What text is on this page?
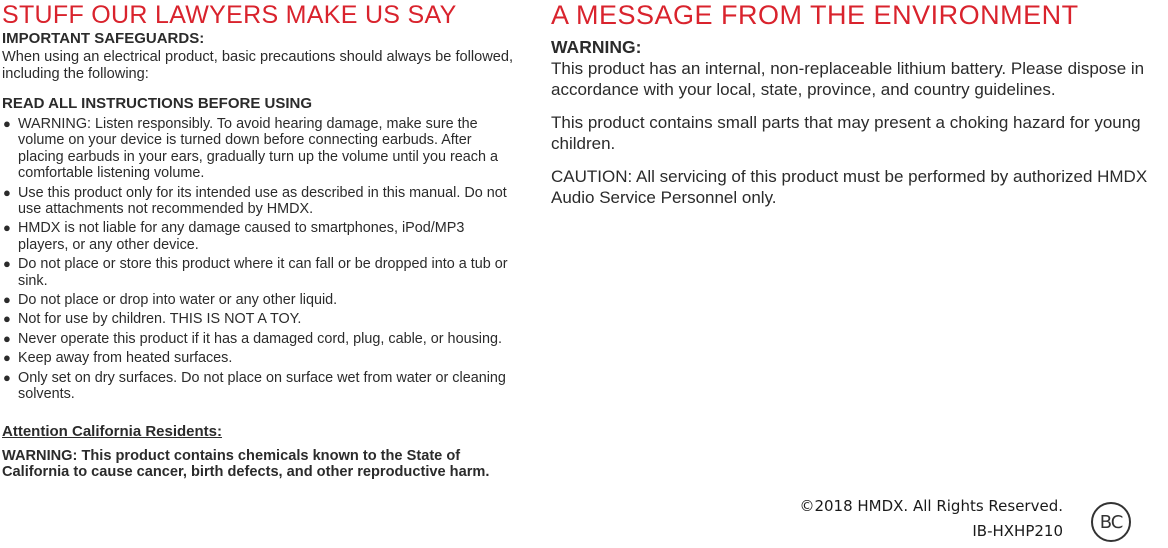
STUFF OUR LAWYERS MAKE US SAY
IMPORTANT SAFEGUARDS:

When using an electrical product, basic precautions should always be followed, including the following:

READ ALL INSTRUCTIONS BEFORE USING
● WARNING: Listen responsibly. To avoid hearing damage, make sure the volume on your device is turned down before connecting earbuds. After placing earbuds in your ears, gradually turn up the volume until you reach a comfortable listening volume.
● Use this product only for its intended use as described in this manual. Do not use attachments not recommended by HMDX.
● HMDX is not liable for any damage caused to smartphones, iPod/MP3 players, or any other device.
● Do not place or store this product where it can fall or be dropped into a tub or sink.
● Do not place or drop into water or any other liquid.
● Not for use by children. THIS IS NOT A TOY.
● Never operate this product if it has a damaged cord, plug, cable, or housing.
● Keep away from heated surfaces.
● Only set on dry surfaces. Do not place on surface wet from water or cleaning solvents.
Attention California Residents:

WARNING: This product contains chemicals known to the State of California to cause cancer, birth defects, and other reproductive harm.

A MESSAGE FROM THE ENVIRONMENT
WARNING:

This product has an internal, non-replaceable lithium battery. Please dispose in accordance with your local, state, province, and country guidelines.

This product contains small parts that may present a choking hazard for young children.

CAUTION: All servicing of this product must be performed by authorized HMDX Audio Service Personnel only.

©2018 HMDX. All Rights Reserved.
IB-HXHP210 BC
